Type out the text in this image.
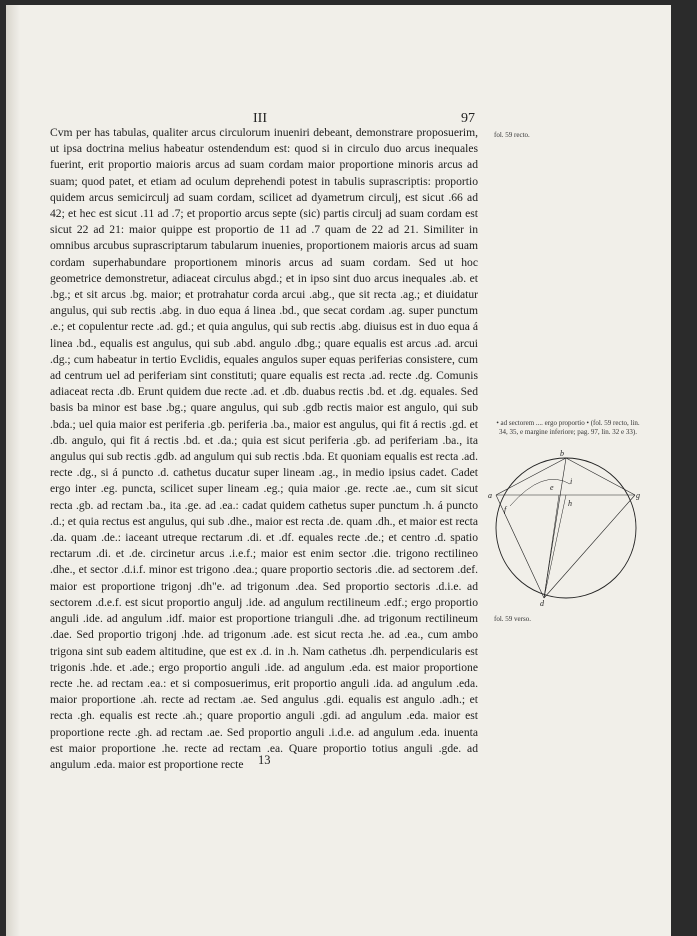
III	97

Cvm per has tabulas, qualiter arcus circulorum inueniri debeant, demonstrare proposuerim, ut ipsa doctrina melius habeatur ostendendum est: quod si in circulo duo arcus inequales fuerint, erit proportio maioris arcus ad suam cordam maior proportione minoris arcus ad suam; quod patet, et etiam ad oculum deprehendi potest in tabulis suprascriptis: proportio quidem arcus semicirculj ad suam cordam, scilicet ad dyametrum circulj, est sicut .66 ad 42; et hec est sicut .11 ad .7; et proportio arcus septe (sic) partis circulj ad suam cordam est sicut 22 ad 21: maior quippe est proportio de 11 ad .7 quam de 22 ad 21. Similiter in omnibus arcubus suprascriptarum tabularum inuenies, proportionem maioris arcus ad suam cordam superhabundare proportionem minoris arcus ad suam cordam. Sed ut hoc geometrice demonstretur, adiaceat circulus abgd.; et in ipso sint duo arcus inequales .ab. et .bg.; et sit arcus .bg. maior; et protrahatur corda arcui .abg., que sit recta .ag.; et diuidatur angulus, qui sub rectis .abg. in duo equa á linea .bd., que secat cordam .ag. super punctum .e.; et copulentur recte .ad. gd.; et quia angulus, qui sub rectis .abg. diuisus est in duo equa á linea .bd., equalis est angulus, qui sub .abd. angulo .dbg.; quare equalis est arcus .ad. arcui .dg.; cum habeatur in tertio Evclidis, equales angulos super equas periferias consistere, cum ad centrum uel ad periferiam sint constituti; quare equalis est recta .ad. recte .dg. Comunis adiaceat recta .db. Erunt quidem due recte .ad. et .db. duabus rectis .bd. et .dg. equales. Sed basis ba minor est base .bg.; quare angulus, qui sub .gdb rectis maior est angulo, qui sub .bda.; uel quia maior est periferia .gb. periferia .ba., maior est angulus, qui fit á rectis .gd. et .db. angulo, qui fit á rectis .bd. et .da.; quia est sicut periferia .gb. ad periferiam .ba., ita angulus qui sub rectis .gdb. ad angulum qui sub rectis .bda. Et quoniam equalis est recta .ad. recte .dg., si á puncto .d. cathetus ducatur super lineam .ag., in medio ipsius cadet. Cadet ergo inter .eg. puncta, scilicet super lineam .eg.; quia maior .ge. recte .ae., cum sit sicut recta .gb. ad rectam .ba., ita .ge. ad .ea.: cadat quidem cathetus super punctum .h. á puncto .d.; et quia rectus est angulus, qui sub .dhe., maior est recta .de. quam .dh., et maior est recta .da. quam .de.: iaceant utreque rectarum .di. et .df. equales recte .de.; et centro .d. spatio rectarum .di. et .de. circinetur arcus .i.e.f.; maior est enim sector .die. trigono rectilineo .dhe., et sector .d.i.f. minor est trigono .dea.; quare proportio sectoris .die. ad sectorem .def. maior est proportione trigonj .dh"e. ad trigonum .dea. Sed proportio sectoris .d.i.e. ad sectorem .d.e.f. est sicut proportio angulj .ide. ad angulum rectilineum .edf.; ergo proportio anguli .ide. ad angulum .idf. maior est proportione trianguli .dhe. ad trigonum rectilineum .dae. Sed proportio trigonj .hde. ad trigonum .ade. est sicut recta .he. ad .ea., cum ambo trigona sint sub eadem altitudine, que est ex .d. in .h. Nam cathetus .dh. perpendicularis est trigonis .hde. et .ade.; ergo proportio anguli .ide. ad angulum .eda. est maior proportione recte .he. ad rectam .ea.: et si composuerimus, erit proportio anguli .ida. ad angulum .eda. maior proportione .ah. recte ad rectam .ae. Sed angulus .gdi. equalis est angulo .adh.; et recta .gh. equalis est recte .ah.; quare proportio anguli .gdi. ad angulum .eda. maior est proportione recte .gh. ad rectam .ae. Sed proportio anguli .i.d.e. ad angulum .eda. inuenta est maior proportione .he. recte ad rectam .ea. Quare proportio totius anguli .gde. ad angulum .eda. maior est proportione recte	13
fol. 59 recto.
• ad sectorem .... ergo proportio • (fol. 59 recto, lin. 34, 35, e margine inferiore; pag. 97, lin. 32 e 33).
fol. 59 verso.
b
a	g
d
e
i
h
f
